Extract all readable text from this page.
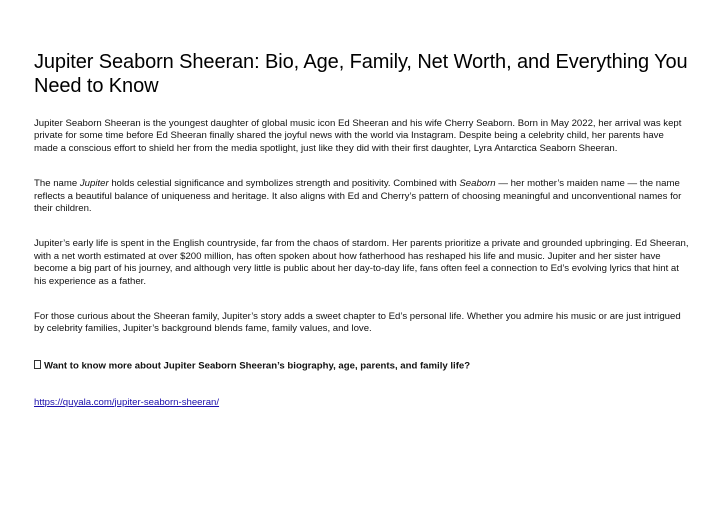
Jupiter Seaborn Sheeran: Bio, Age, Family, Net Worth, and Everything You Need to Know

Jupiter Seaborn Sheeran is the youngest daughter of global music icon Ed Sheeran and his wife Cherry Seaborn. Born in May 2022, her arrival was kept private for some time before Ed Sheeran finally shared the joyful news with the world via Instagram. Despite being a celebrity child, her parents have made a conscious effort to shield her from the media spotlight, just like they did with their first daughter, Lyra Antarctica Seaborn Sheeran.

The name Jupiter holds celestial significance and symbolizes strength and positivity. Combined with Seaborn — her mother’s maiden name — the name reflects a beautiful balance of uniqueness and heritage. It also aligns with Ed and Cherry’s pattern of choosing meaningful and unconventional names for their children.

Jupiter’s early life is spent in the English countryside, far from the chaos of stardom. Her parents prioritize a private and grounded upbringing. Ed Sheeran, with a net worth estimated at over $200 million, has often spoken about how fatherhood has reshaped his life and music. Jupiter and her sister have become a big part of his journey, and although very little is public about her day-to-day life, fans often feel a connection to Ed’s evolving lyrics that hint at his experience as a father.

For those curious about the Sheeran family, Jupiter’s story adds a sweet chapter to Ed’s personal life. Whether you admire his music or are just intrigued by celebrity families, Jupiter’s background blends fame, family values, and love.

Want to know more about Jupiter Seaborn Sheeran’s biography, age, parents, and family life?

https://quyala.com/jupiter-seaborn-sheeran/
